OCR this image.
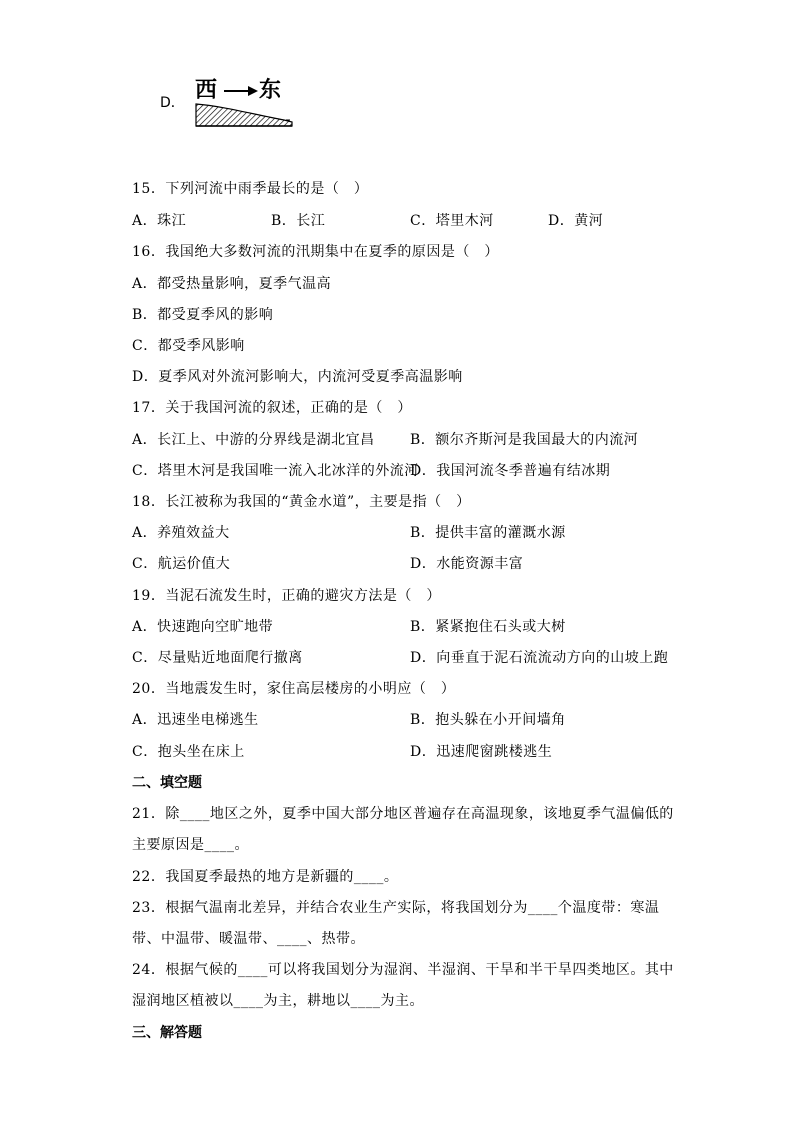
D． 西 东
15．下列河流中雨季最长的是（　）
A．珠江	B．长江	C．塔里木河	D．黄河
16．我国绝大多数河流的汛期集中在夏季的原因是（　）
A．都受热量影响，夏季气温高
B．都受夏季风的影响
C．都受季风影响
D．夏季风对外流河影响大，内流河受夏季高温影响
17．关于我国河流的叙述，正确的是（　）
A．长江上、中游的分界线是湖北宜昌	B．额尔齐斯河是我国最大的内流河
C．塔里木河是我国唯一流入北冰洋的外流河
D．我国河流冬季普遍有结冰期
18．长江被称为我国的“黄金水道”，主要是指（　）
A．养殖效益大	B．提供丰富的灌溉水源
C．航运价值大	D．水能资源丰富
19．当泥石流发生时，正确的避灾方法是（　）
A．快速跑向空旷地带	B．紧紧抱住石头或大树
C．尽量贴近地面爬行撤离	D．向垂直于泥石流流动方向的山坡上跑
20．当地震发生时，家住高层楼房的小明应（　）
A．迅速坐电梯逃生	B．抱头躲在小开间墙角
C．抱头坐在床上	D．迅速爬窗跳楼逃生
二、填空题
21．除____地区之外，夏季中国大部分地区普遍存在高温现象，该地夏季气温偏低的
主要原因是____。
22．我国夏季最热的地方是新疆的____。
23．根据气温南北差异，并结合农业生产实际，将我国划分为____个温度带：寒温
带、中温带、暖温带、____、热带。
24．根据气候的____可以将我国划分为湿润、半湿润、干旱和半干旱四类地区。其中
湿润地区植被以____为主，耕地以____为主。
三、解答题
